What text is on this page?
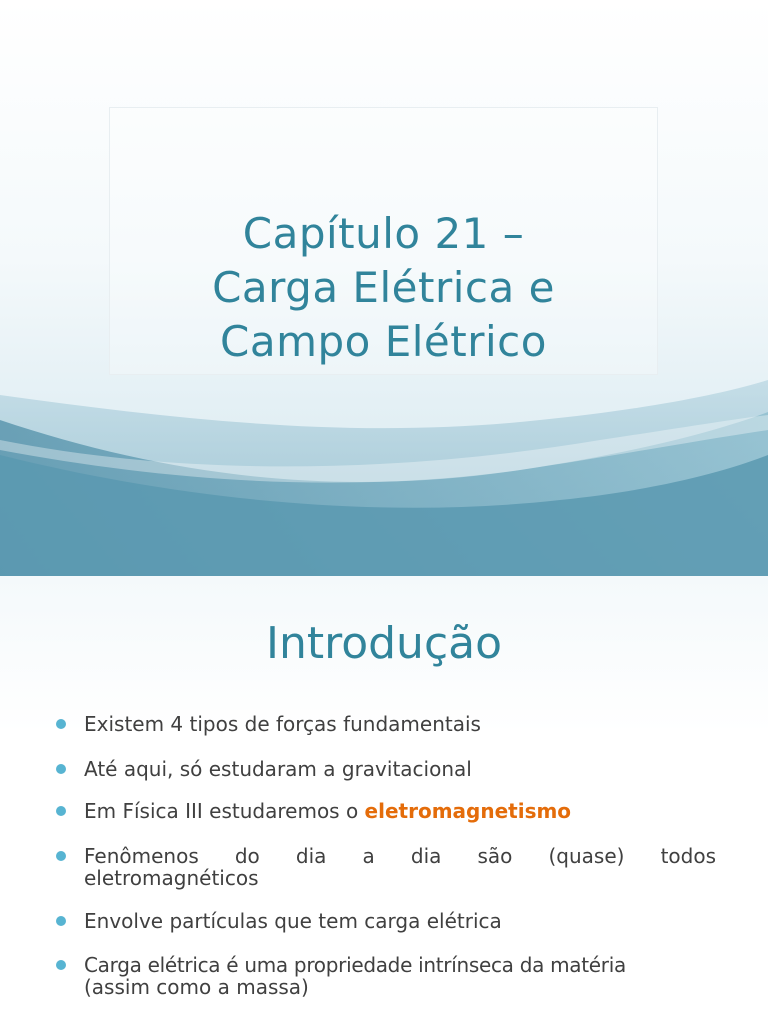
Capítulo 21 –
Carga Elétrica e
Campo Elétrico
Introdução
Existem 4 tipos de forças fundamentais
Até aqui, só estudaram a gravitacional
Em Física III estudaremos o eletromagnetismo
Fenômenos do dia a dia são (quase) todos
eletromagnéticos
Envolve partículas que tem carga elétrica
Carga elétrica é uma propriedade intrínseca da matéria
(assim como a massa)
